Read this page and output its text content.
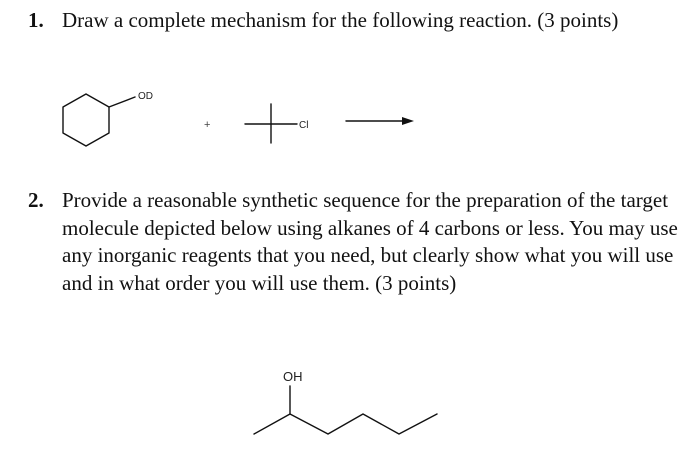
1. Draw a complete mechanism for the following reaction. (3 points)
2. Provide a reasonable synthetic sequence for the preparation of the target molecule depicted below using alkanes of 4 carbons or less. You may use any inorganic reagents that you need, but clearly show what you will use and in what order you will use them. (3 points)
OD
+	Cl
OH
